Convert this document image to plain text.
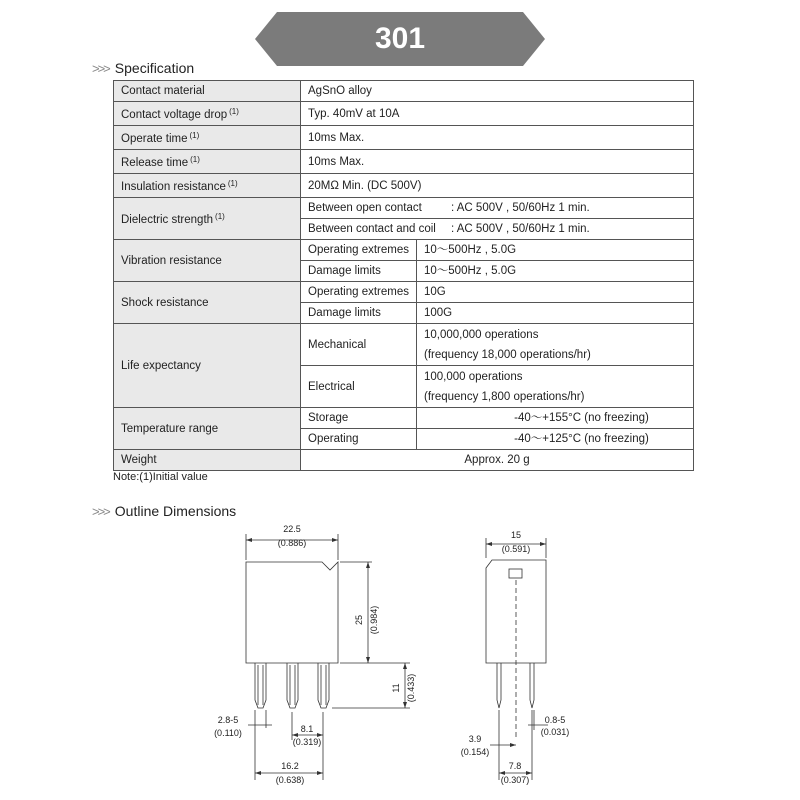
301
>>> Specification
Contact material	AgSnO alloy	
Contact voltage drop $^{(1)}$	Typ. 40mV at 10A	
Operate time $^{(1)}$	10ms Max.	
Release time $^{(1)}$	10ms Max.	
Insulation resistance $^{(1)}$	20MΩ Min. (DC 500V)	
Dielectric strength $^{(1)}$	Between open contact : AC 500V , 50/60Hz 1 min.	
	Between contact and coil : AC 500V , 50/60Hz 1 min.	
Vibration resistance	Operating extremes	10～500Hz , 5.0G
	Damage limits	10～500Hz , 5.0G
Shock resistance	Operating extremes	10G
	Damage limits	100G
Life expectancy	Mechanical	10,000,000 operations
(frequency 18,000 operations/hr)

	Electrical	100,000 operations
(frequency 1,800 operations/hr)

Temperature range	Storage	-40～+155°C (no freezing)
	Operating	-40～+125°C (no freezing)
Weight	Approx. 20 g	
Note:(1)Initial value
>>> Outline Dimensions
22.5
(0.886)
25 (0.984)
11 (0.433)
2.8-5
(0.110)	8.1
(0.319)
16.2
(0.638)
15
(0.591)
0.8-5
(0.031)
3.9
(0.154)
7.8
(0.307)
